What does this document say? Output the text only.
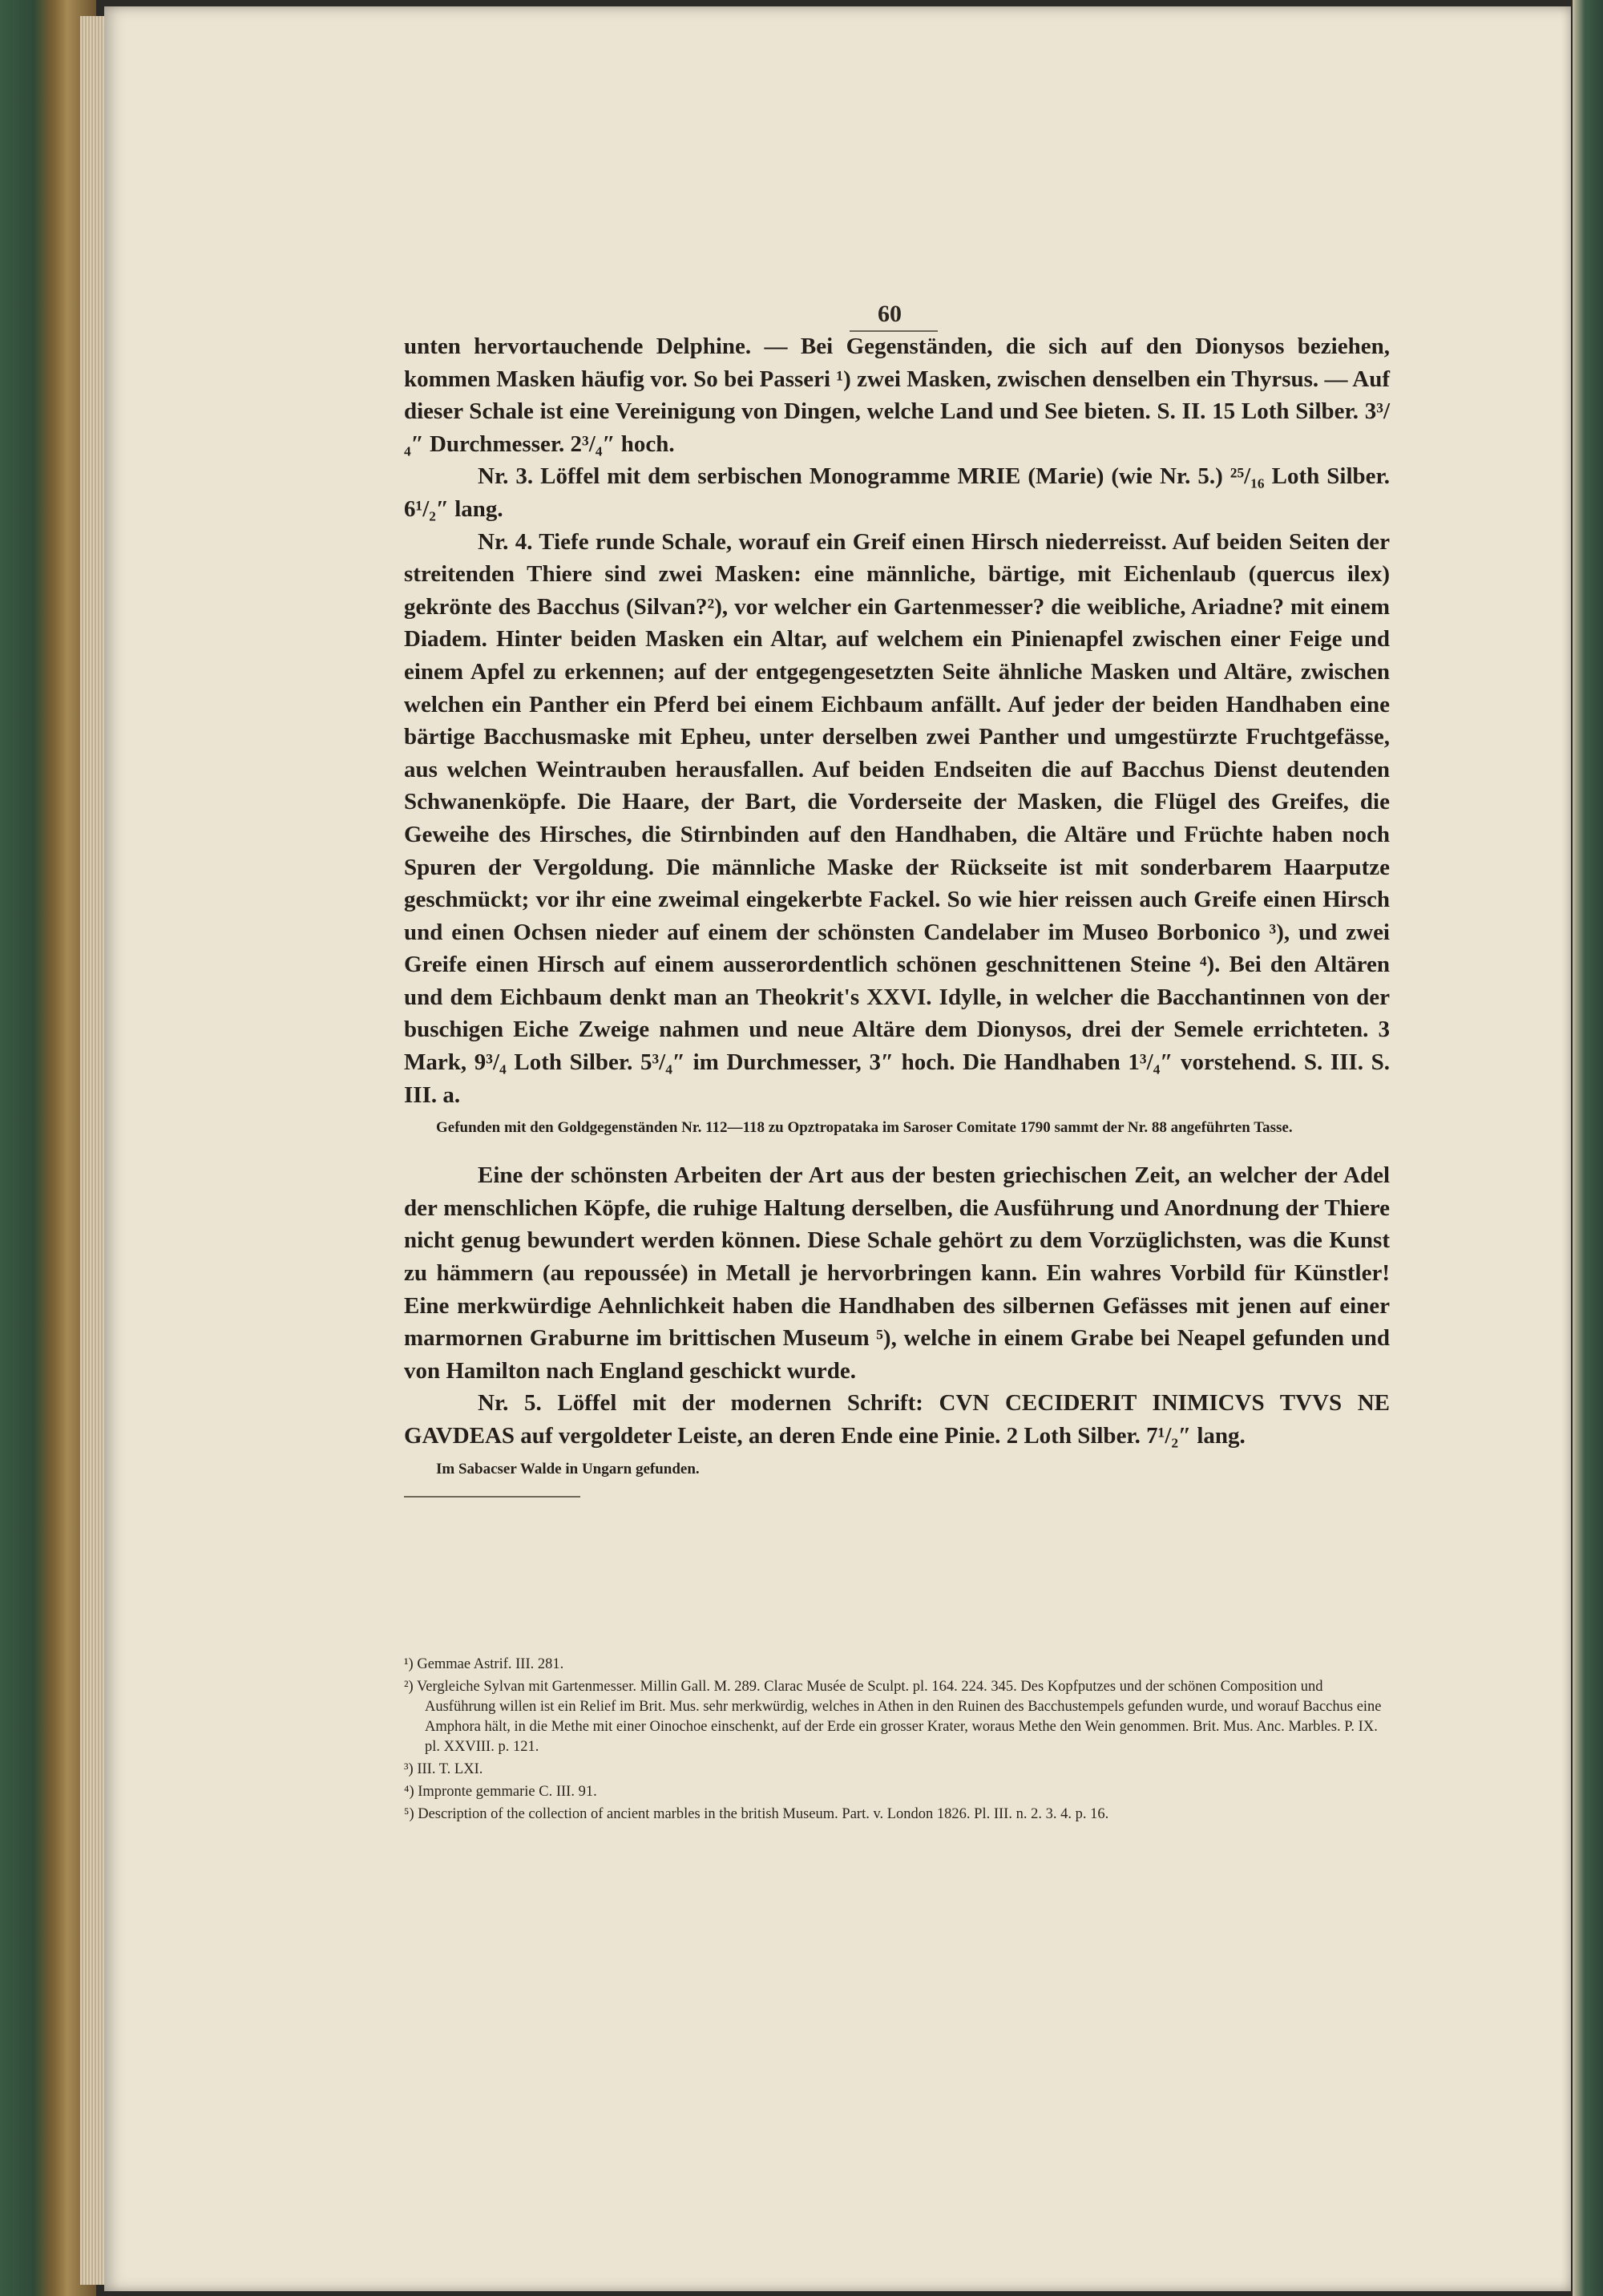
60

unten hervortauchende Delphine. — Bei Gegenständen, die sich auf den Dionysos beziehen, kommen Masken häufig vor. So bei Passeri ¹) zwei Masken, zwischen denselben ein Thyrsus. — Auf dieser Schale ist eine Vereinigung von Dingen, welche Land und See bieten. S. II. 15 Loth Silber. 3³/₄″ Durchmesser. 2³/₄″ hoch.

Nr. 3. Löffel mit dem serbischen Monogramme MRIE (Marie) (wie Nr. 5.) ²⁵/₁₆ Loth Silber. 6¹/₂″ lang.

Nr. 4. Tiefe runde Schale, worauf ein Greif einen Hirsch niederreisst. Auf beiden Seiten der streitenden Thiere sind zwei Masken: eine männliche, bärtige, mit Eichenlaub (quercus ilex) gekrönte des Bacchus (Silvan?²), vor welcher ein Gartenmesser? die weibliche, Ariadne? mit einem Diadem. Hinter beiden Masken ein Altar, auf welchem ein Pinienapfel zwischen einer Feige und einem Apfel zu erkennen; auf der entgegengesetzten Seite ähnliche Masken und Altäre, zwischen welchen ein Panther ein Pferd bei einem Eichbaum anfällt. Auf jeder der beiden Handhaben eine bärtige Bacchusmaske mit Epheu, unter derselben zwei Panther und umgestürzte Fruchtgefässe, aus welchen Weintrauben herausfallen. Auf beiden Endseiten die auf Bacchus Dienst deutenden Schwanenköpfe. Die Haare, der Bart, die Vorderseite der Masken, die Flügel des Greifes, die Geweihe des Hirsches, die Stirnbinden auf den Handhaben, die Altäre und Früchte haben noch Spuren der Vergoldung. Die männliche Maske der Rückseite ist mit sonderbarem Haarputze geschmückt; vor ihr eine zweimal eingekerbte Fackel. So wie hier reissen auch Greife einen Hirsch und einen Ochsen nieder auf einem der schönsten Candelaber im Museo Borbonico ³), und zwei Greife einen Hirsch auf einem ausserordentlich schönen geschnittenen Steine ⁴). Bei den Altären und dem Eichbaum denkt man an Theokrit's XXVI. Idylle, in welcher die Bacchantinnen von der buschigen Eiche Zweige nahmen und neue Altäre dem Dionysos, drei der Semele errichteten. 3 Mark, 9³/₄ Loth Silber. 5³/₄″ im Durchmesser, 3″ hoch. Die Handhaben 1³/₄″ vorstehend. S. III. S. III. a.

Gefunden mit den Goldgegenständen Nr. 112—118 zu Opztropataka im Saroser Comitate 1790 sammt der Nr. 88 angeführten Tasse.

Eine der schönsten Arbeiten der Art aus der besten griechischen Zeit, an welcher der Adel der menschlichen Köpfe, die ruhige Haltung derselben, die Ausführung und Anordnung der Thiere nicht genug bewundert werden können. Diese Schale gehört zu dem Vorzüglichsten, was die Kunst zu hämmern (au repoussée) in Metall je hervorbringen kann. Ein wahres Vorbild für Künstler! Eine merkwürdige Aehnlichkeit haben die Handhaben des silbernen Gefässes mit jenen auf einer marmornen Graburne im brittischen Museum ⁵), welche in einem Grabe bei Neapel gefunden und von Hamilton nach England geschickt wurde.

Nr. 5. Löffel mit der modernen Schrift: CVN CECIDERIT INIMICVS TVVS NE GAVDEAS auf vergoldeter Leiste, an deren Ende eine Pinie. 2 Loth Silber. 7¹/₂″ lang.

Im Sabacser Walde in Ungarn gefunden.

¹) Gemmae Astrif. III. 281.

²) Vergleiche Sylvan mit Gartenmesser. Millin Gall. M. 289. Clarac Musée de Sculpt. pl. 164. 224. 345. Des Kopfputzes und der schönen Composition und Ausführung willen ist ein Relief im Brit. Mus. sehr merkwürdig, welches in Athen in den Ruinen des Bacchustempels gefunden wurde, und worauf Bacchus eine Amphora hält, in die Methe mit einer Oinochoe einschenkt, auf der Erde ein grosser Krater, woraus Methe den Wein genommen. Brit. Mus. Anc. Marbles. P. IX. pl. XXVIII. p. 121.

³) III. T. LXI.

⁴) Impronte gemmarie C. III. 91.

⁵) Description of the collection of ancient marbles in the british Museum. Part. v. London 1826. Pl. III. n. 2. 3. 4. p. 16.
